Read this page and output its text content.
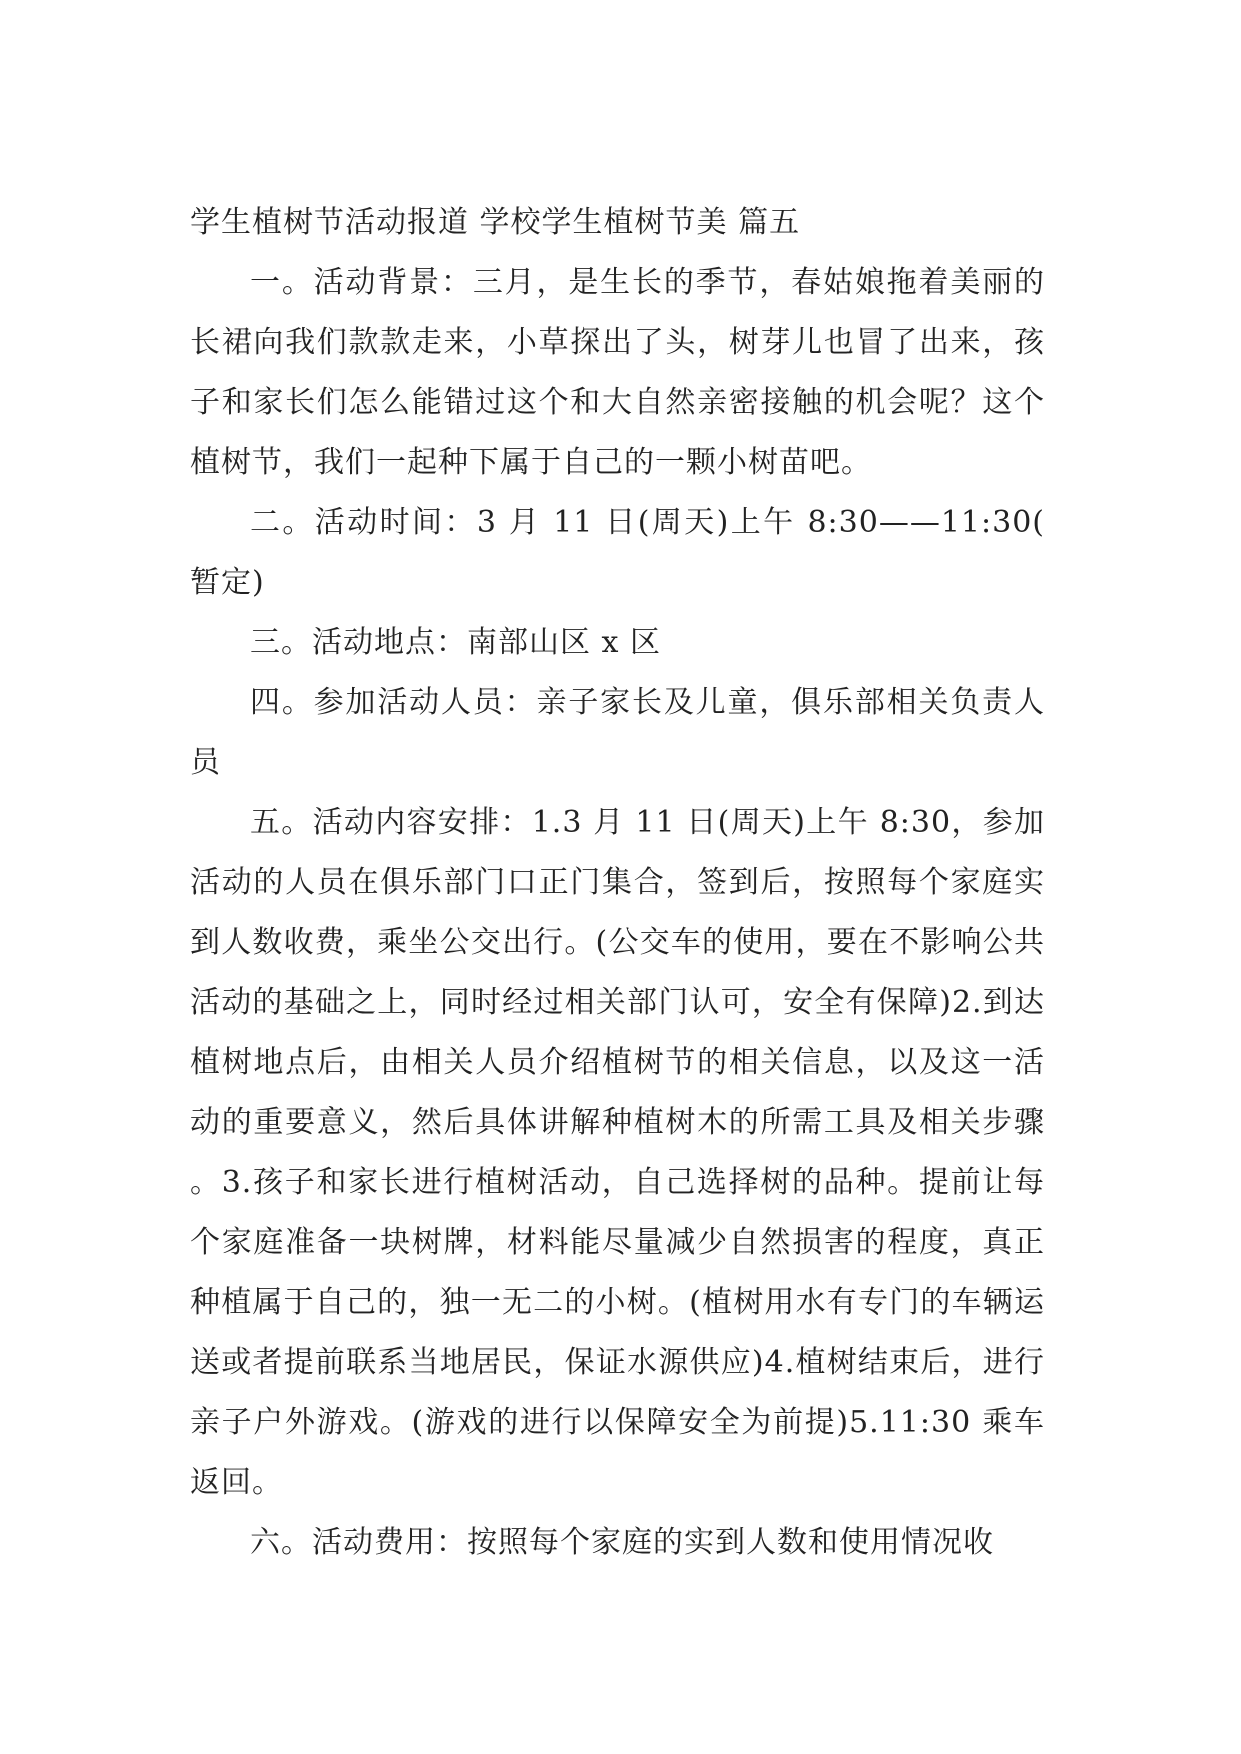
学生植树节活动报道 学校学生植树节美 篇五

一。活动背景：三月，是生长的季节，春姑娘拖着美丽的长裙向我们款款走来，小草探出了头，树芽儿也冒了出来，孩子和家长们怎么能错过这个和大自然亲密接触的机会呢？这个植树节，我们一起种下属于自己的一颗小树苗吧。

二。活动时间：3 月 11 日(周天)上午 8:30——11:30(暂定)

三。活动地点：南部山区 x 区

四。参加活动人员：亲子家长及儿童，俱乐部相关负责人员

五。活动内容安排：1.3 月 11 日(周天)上午 8:30，参加活动的人员在俱乐部门口正门集合，签到后，按照每个家庭实到人数收费，乘坐公交出行。(公交车的使用，要在不影响公共活动的基础之上，同时经过相关部门认可，安全有保障)2.到达植树地点后，由相关人员介绍植树节的相关信息，以及这一活动的重要意义，然后具体讲解种植树木的所需工具及相关步骤。3.孩子和家长进行植树活动，自己选择树的品种。提前让每个家庭准备一块树牌，材料能尽量减少自然损害的程度，真正种植属于自己的，独一无二的小树。(植树用水有专门的车辆运送或者提前联系当地居民，保证水源供应)4.植树结束后，进行亲子户外游戏。(游戏的进行以保障安全为前提)5.11:30 乘车返回。

六。活动费用：按照每个家庭的实到人数和使用情况收
